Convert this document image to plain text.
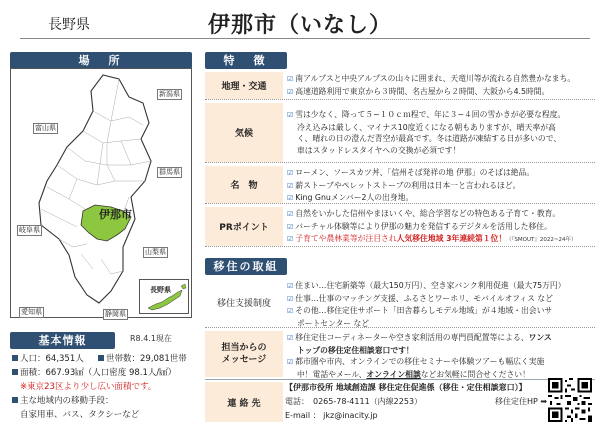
長野県	伊那市（いなし）
場　所
富山県
新潟県
群馬県
岐阜県
愛知県
山梨県
静岡県
伊那市
長野県
基本情報	R8.4.1現在
人口：64,351人	世帯数：29,081世帯
面積：667.93㎢（人口密度 98.1人/㎢）
※東京23区より少し広い面積です。
主な地域内の移動手段：
自家用車、バス、タクシーなど
特　徴
地理・交通
☑ 南アルプスと中央アルプスの山々に囲まれ、天竜川等が流れる自然豊かなまち。
☑ 高速道路利用で東京から３時間、名古屋から２時間、大阪から4.5時間。
気候
☑ 雪は少なく、降って５~１０ｃｍ程で、年に３~４回の雪かきが必要な程度。
冷え込みは厳しく、マイナス10度近くになる朝もありますが、晴天率が高
く、晴れの日の澄んだ青空が最高です。冬は道路が凍結する日が多いので、
車はスタッドレスタイヤへの交換が必須です！
名　物
☑ ローメン、ソースカツ丼、「信州そば発祥の地 伊那」のそばは絶品。
☑ 薪ストーブやペレットストーブの利用は日本一と言われるほど。
☑ King Gnuメンバー2人の出身地。
PRポイント
☑ 自然をいかした信州やまほいくや、総合学習などの特色ある子育て・教育。
☑ バーチャル体験等により伊那の魅力を発信するデジタルを活用した移住。
☑ 子育てや農林業等が注目され人気移住地域 3年連続第１位！（『SMOUT』2022~24年）
移住の取組
移住支援制度
☑ 住まい…住宅新築等（最大150万円）、空き家バンク利用促進（最大75万円）
☑ 仕事…仕事のマッチング支援、ふるさとワーホリ、モバイルオフィス など
☑ その他…移住定住サポート「田舎暮らしモデル地域」が４地域・出会いサ
ポートセンター など
担当からの
メッセージ
☑ 移住定住コーディネーターや空き家利活用の専門員配置等による、ワンス
トップの移住定住相談窓口です！
☑ 都市圏や市内、オンラインでの移住セミナーや体験ツアーも幅広く実施
中！電話やメール、オンライン相談などお気軽に問合せください！
連 絡 先
【伊那市役所 地域創造課 移住定住促進係（移住・定住相談窓口）】
電話：　0265-78-4111（内線2253）
E-mail ： jkz@inacity.jp
移住定住HP ➡
